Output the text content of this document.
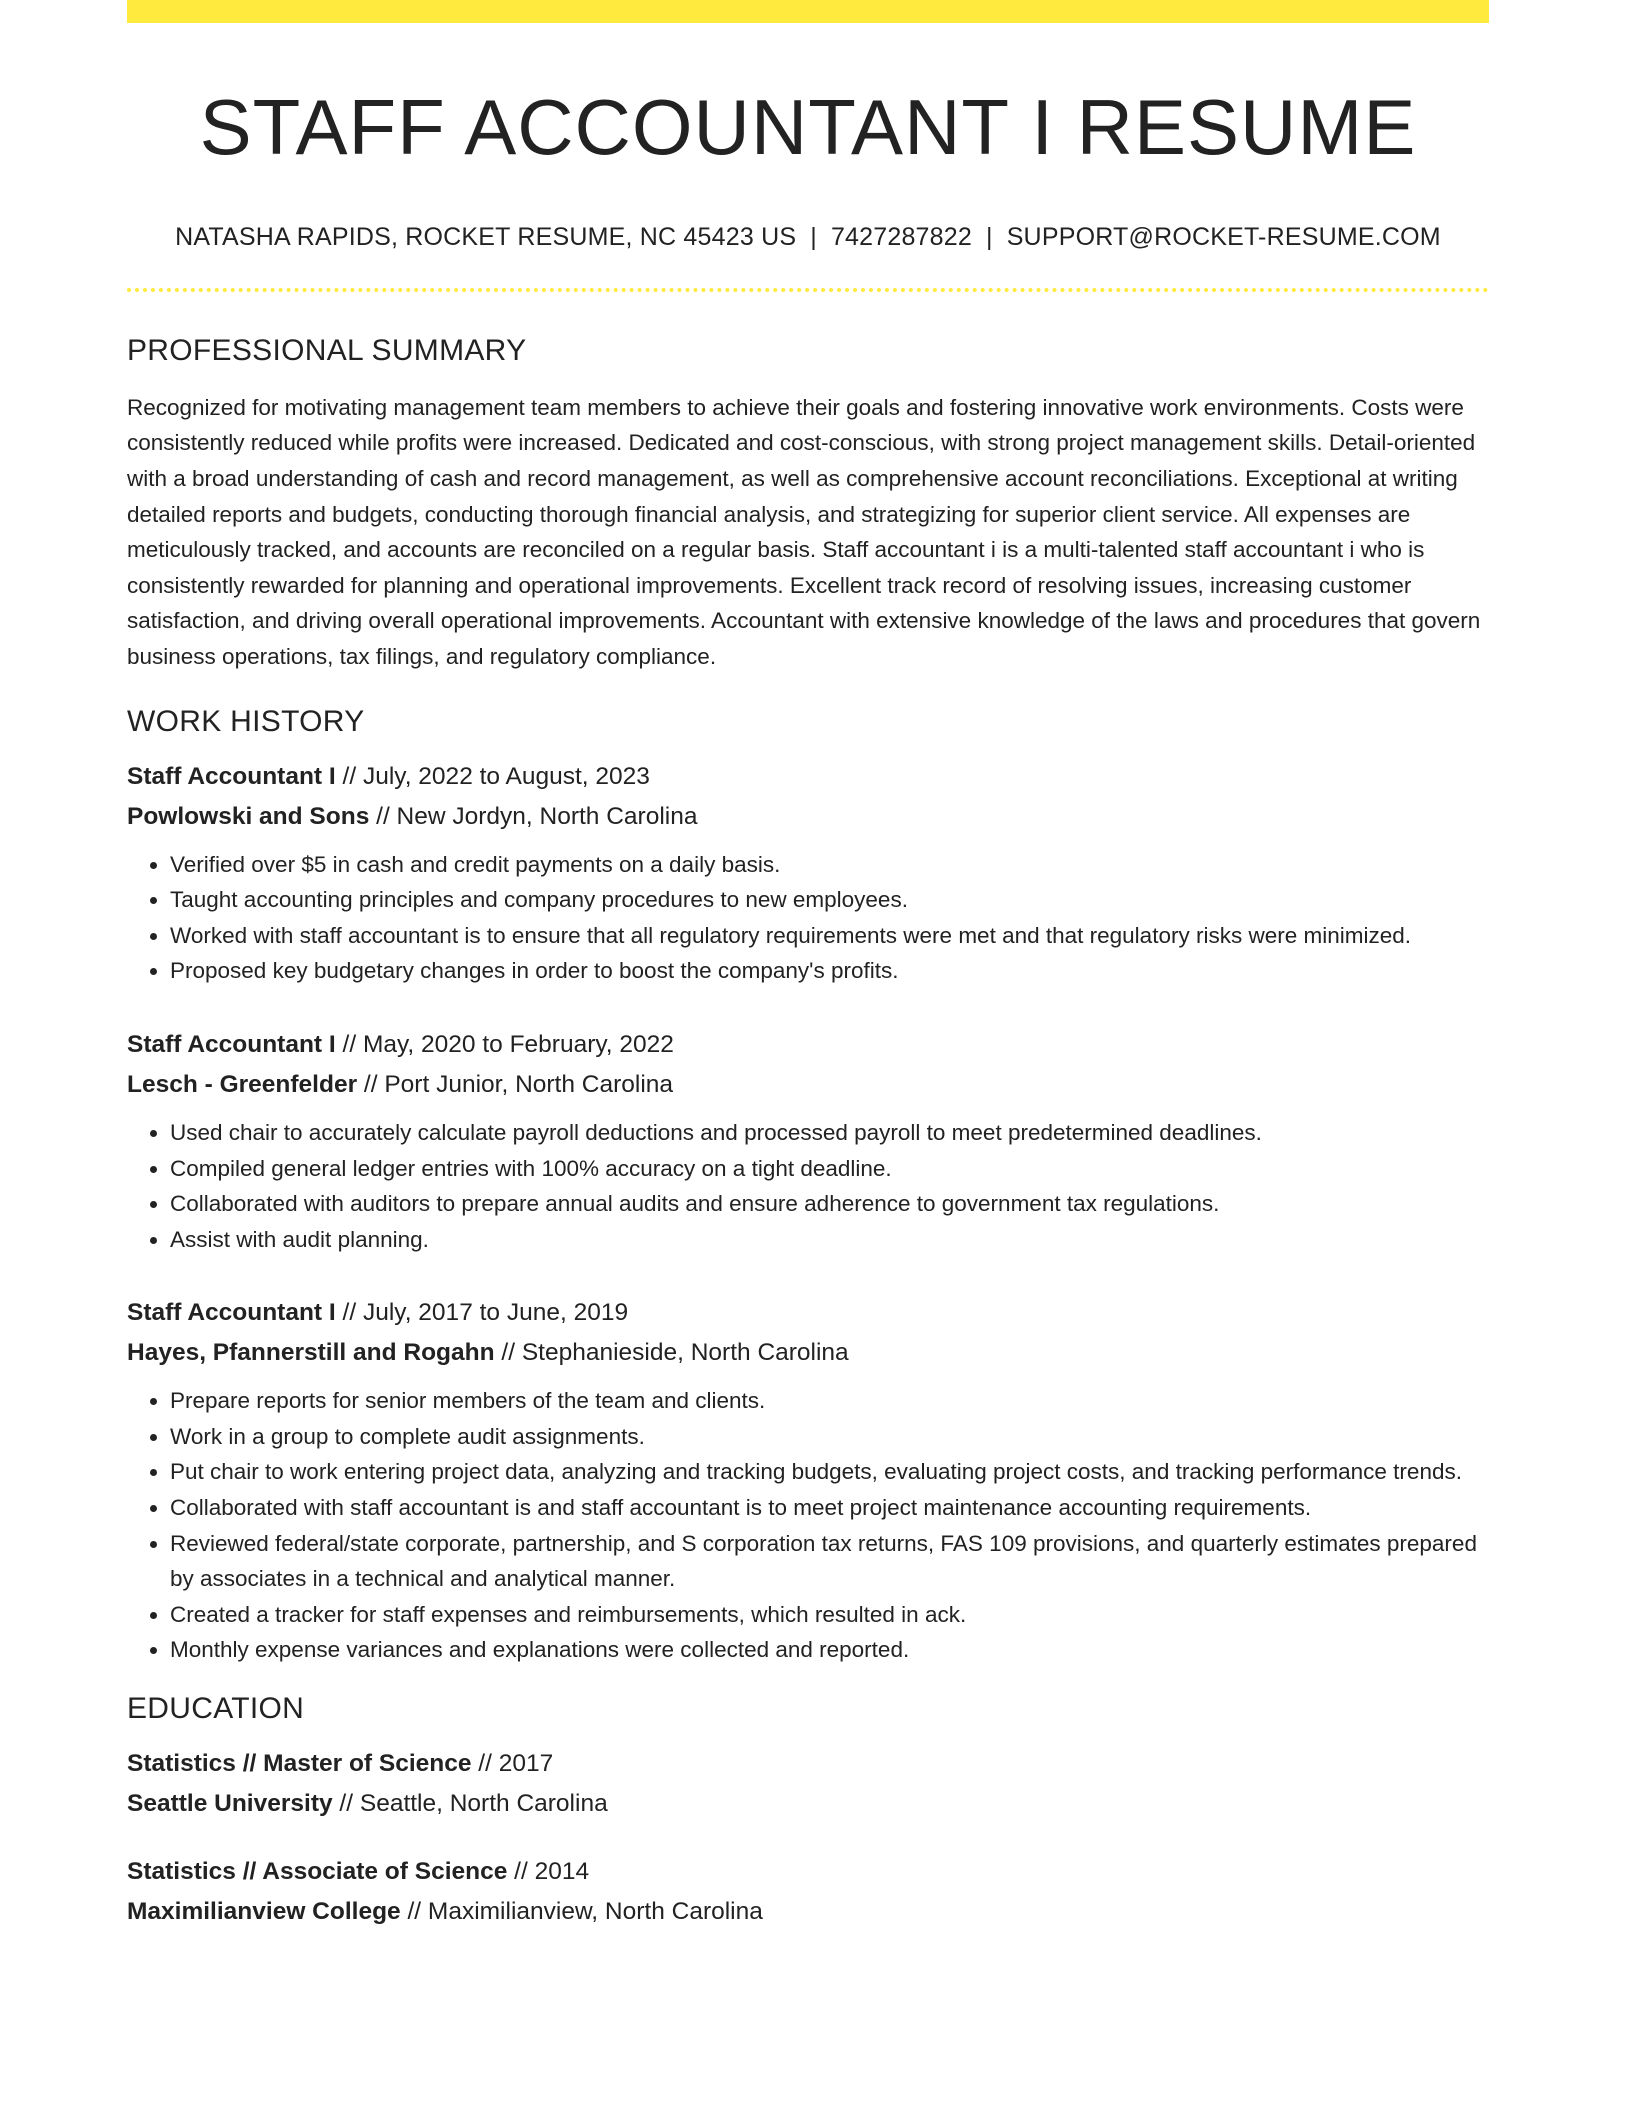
STAFF ACCOUNTANT I RESUME
NATASHA RAPIDS, ROCKET RESUME, NC 45423 US | 7427287822 | SUPPORT@ROCKET-RESUME.COM
PROFESSIONAL SUMMARY
Recognized for motivating management team members to achieve their goals and fostering innovative work environments. Costs were consistently reduced while profits were increased. Dedicated and cost-conscious, with strong project management skills. Detail-oriented with a broad understanding of cash and record management, as well as comprehensive account reconciliations. Exceptional at writing detailed reports and budgets, conducting thorough financial analysis, and strategizing for superior client service. All expenses are meticulously tracked, and accounts are reconciled on a regular basis. Staff accountant i is a multi-talented staff accountant i who is consistently rewarded for planning and operational improvements. Excellent track record of resolving issues, increasing customer satisfaction, and driving overall operational improvements. Accountant with extensive knowledge of the laws and procedures that govern business operations, tax filings, and regulatory compliance.
WORK HISTORY
Staff Accountant I // July, 2022 to August, 2023
Powlowski and Sons // New Jordyn, North Carolina
• Verified over $5 in cash and credit payments on a daily basis.
• Taught accounting principles and company procedures to new employees.
• Worked with staff accountant is to ensure that all regulatory requirements were met and that regulatory risks were minimized.
• Proposed key budgetary changes in order to boost the company's profits.
Staff Accountant I // May, 2020 to February, 2022
Lesch - Greenfelder // Port Junior, North Carolina
• Used chair to accurately calculate payroll deductions and processed payroll to meet predetermined deadlines.
• Compiled general ledger entries with 100% accuracy on a tight deadline.
• Collaborated with auditors to prepare annual audits and ensure adherence to government tax regulations.
• Assist with audit planning.
Staff Accountant I // July, 2017 to June, 2019
Hayes, Pfannerstill and Rogahn // Stephanieside, North Carolina
• Prepare reports for senior members of the team and clients.
• Work in a group to complete audit assignments.
• Put chair to work entering project data, analyzing and tracking budgets, evaluating project costs, and tracking performance trends.
• Collaborated with staff accountant is and staff accountant is to meet project maintenance accounting requirements.
• Reviewed federal/state corporate, partnership, and S corporation tax returns, FAS 109 provisions, and quarterly estimates prepared by associates in a technical and analytical manner.
• Created a tracker for staff expenses and reimbursements, which resulted in ack.
• Monthly expense variances and explanations were collected and reported.
EDUCATION
Statistics // Master of Science // 2017
Seattle University // Seattle, North Carolina
Statistics // Associate of Science // 2014
Maximilianview College // Maximilianview, North Carolina
